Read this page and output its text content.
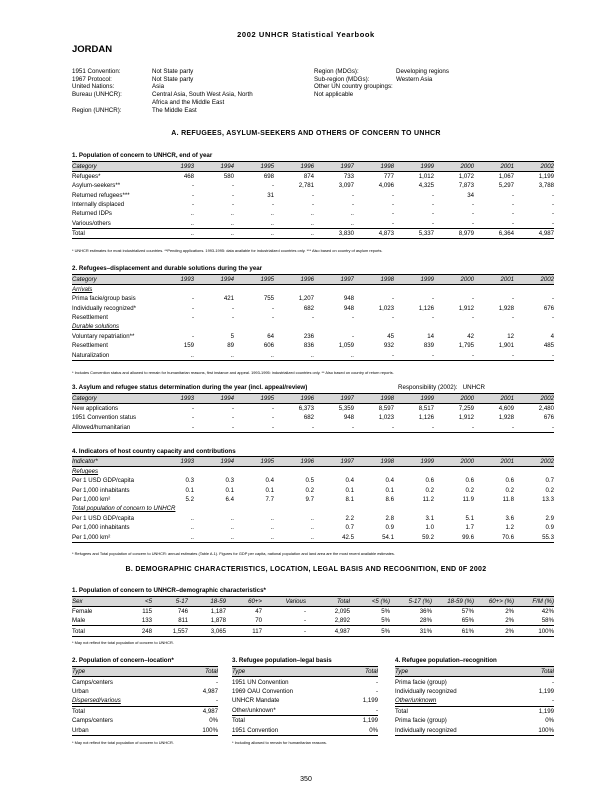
2002 UNHCR Statistical Yearbook
JORDAN
1951 Convention:	Not State party
1967 Protocol:	Not State party
United Nations:	Asia
Bureau (UNHCR):	Central Asia, South West Asia, North
	Africa and the Middle East
Region (UNHCR):	The Middle East
Region (MDGs):	Developing regions
Sub-region (MDGs):	Western Asia

Other UN country groupings:	
Not applicable	
A. REFUGEES, ASYLUM-SEEKERS AND OTHERS OF CONCERN TO UNHCR
1. Population of concern to UNHCR, end of year
Category	1993	1994	1995	1996	1997	1998	1999	2000	2001	2002
Refugees*	468	580	698	874	733	777	1,012	1,072	1,067	1,199
Asylum-seekers**	-	-	-	2,781	3,097	4,096	4,325	7,873	5,297	3,788
Returned refugees***	-	-	31	-	-	-	-	34	-	-
Internally displaced	-	-	-	-	-	-	-	-	-	-
Returned IDPs	..	..	..	..	..	-	-	-	-	-
Various/others	..	..	..	..	..	-	-	-	-	-
Total	..	..	..	..	3,830	4,873	5,337	8,979	6,364	4,987
* UNHCR estimates for most industrialized countries. **Pending applications. 1993-1995: data available for industrialized countries only. *** Also based on country of asylum reports.
2. Refugees–displacement and durable solutions during the year
Category	1993	1994	1995	1996	1997	1998	1999	2000	2001	2002
Arrivals										
Prima facie/group basis	-	421	755	1,207	948	-	-	-	-	-
Individually recognized*	-	-	-	682	948	1,023	1,126	1,912	1,928	676
Resettlement	-	-	-	-	-	-	-	-	-	-
Durable solutions										
Voluntary repatriation**	-	5	64	236	-	45	14	42	12	4
Resettlement	159	89	606	836	1,059	932	839	1,795	1,901	485
Naturalization	..	..	..	..	..	-	-	-	-	-
* Includes Convention status and allowed to remain for humanitarian reasons, first instance and appeal. 1993-1995: industrialized countries only. ** Also based on country of return reports.
3. Asylum and refugee status determination during the year (incl. appeal/review)	Responsibility (2002): UNHCR
Category	1993	1994	1995	1996	1997	1998	1999	2000	2001	2002
New applications	-	-	-	6,373	5,359	8,597	8,517	7,259	4,609	2,480
1951 Convention status	-	-	-	682	948	1,023	1,126	1,912	1,928	676
Allowed/humanitarian	-	-	-	-	-	-	-	-	-	-
4. Indicators of host country capacity and contributions
Indicator*	1993	1994	1995	1996	1997	1998	1999	2000	2001	2002
Refugees										
Per 1 USD GDP/capita	0.3	0.3	0.4	0.5	0.4	0.4	0.6	0.6	0.6	0.7
Per 1,000 inhabitants	0.1	0.1	0.1	0.2	0.1	0.1	0.2	0.2	0.2	0.2
Per 1,000 km²	5.2	6.4	7.7	9.7	8.1	8.6	11.2	11.9	11.8	13.3
Total population of concern to UNHCR										
Per 1 USD GDP/capita	..	..	..	..	2.2	2.8	3.1	5.1	3.6	2.9
Per 1,000 inhabitants	..	..	..	..	0.7	0.9	1.0	1.7	1.2	0.9
Per 1,000 km²	..	..	..	..	42.5	54.1	59.2	99.6	70.6	55.3
* Refugees and Total population of concern to UNHCR: annual estimates (Table A.1). Figures for GDP per capita, national population and land area are the most recent available estimates.
B. DEMOGRAPHIC CHARACTERISTICS, LOCATION, LEGAL BASIS AND RECOGNITION, END 0F 2002
1. Population of concern to UNHCR–demographic characteristics*
Sex	<5	5-17	18-59	60+>	Various	Total	<5 (%)	5-17 (%)	18-59 (%)	60+> (%)	F/M (%)
Female	115	746	1,187	47	-	2,095	5%	36%	57%	2%	42%
Male	133	811	1,878	70	-	2,892	5%	28%	65%	2%	58%
Total	248	1,557	3,065	117	-	4,987	5%	31%	61%	2%	100%
* May not reflect the total population of concern to UNHCR.
2. Population of concern–location*
Type	Total
Camps/centers	-
Urban	4,987
Dispersed/various	-
Total	4,987
Camps/centers	0%
Urban	100%
* May not reflect the total population of concern to UNHCR.
3. Refugee population–legal basis
Type	Total
1951 UN Convention	-
1969 OAU Convention	-
UNHCR Mandate	1,199
Other/unknown*	-
Total	1,199
1951 Convention	0%
* Including allowed to remain for humanitarian reasons.
4. Refugee population–recognition
Type	Total
Prima facie (group)	-
Individually recognized	1,199
Other/unknown	-
Total	1,199
Prima facie (group)	0%
Individually recognized	100%
350
